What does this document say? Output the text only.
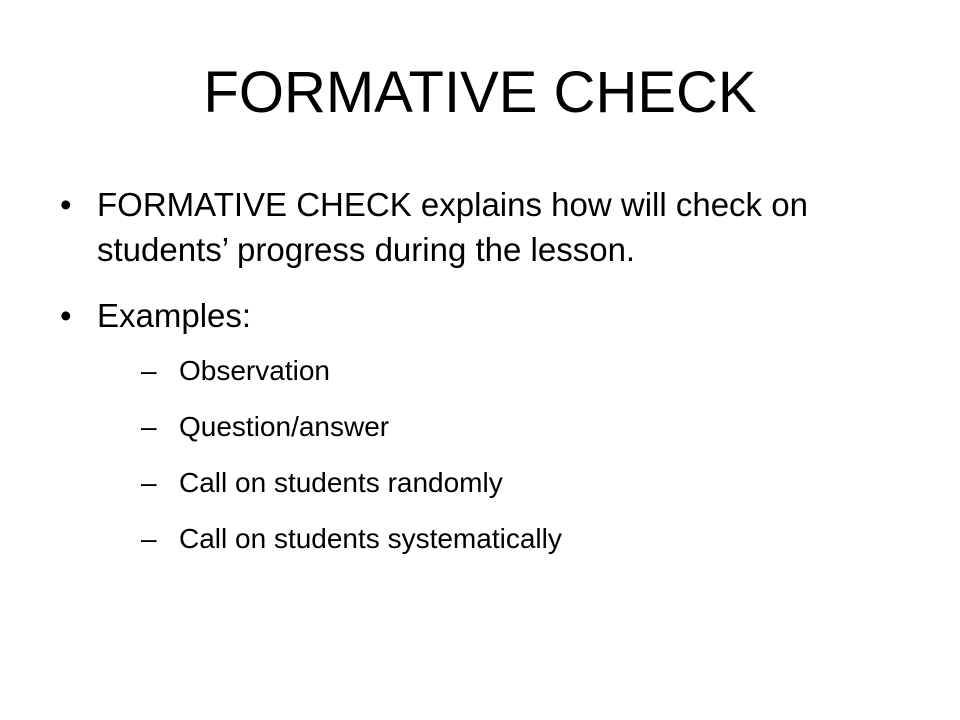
FORMATIVE CHECK
• FORMATIVE CHECK explains how will check on students’ progress during the lesson.
• Examples:
– Observation
– Question/answer
– Call on students randomly
– Call on students systematically
